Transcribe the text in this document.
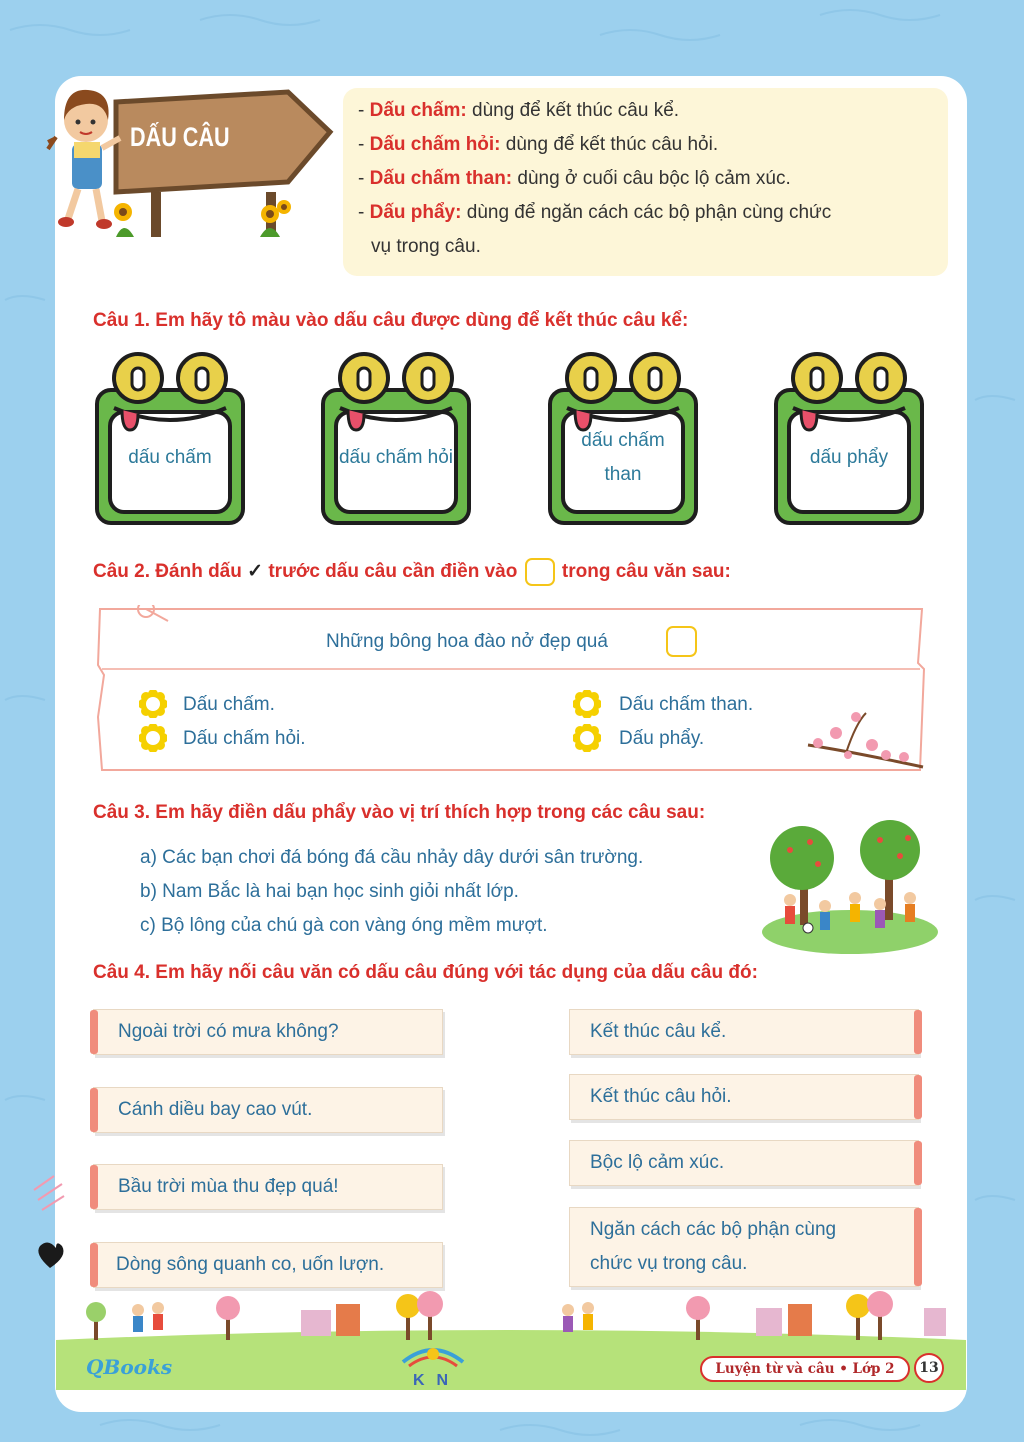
DẤU CÂU
- Dấu chấm: dùng để kết thúc câu kể.
- Dấu chấm hỏi: dùng để kết thúc câu hỏi.
- Dấu chấm than: dùng ở cuối câu bộc lộ cảm xúc.
- Dấu phẩy: dùng để ngăn cách các bộ phận cùng chức
vụ trong câu.
Câu 1. Em hãy tô màu vào dấu câu được dùng để kết thúc câu kể:
dấu chấm	dấu chấm hỏi
dấu chấm than
dấu phẩy
Câu 2. Đánh dấu ✓ trước dấu câu cần điền vào trong câu văn sau:
Những bông hoa đào nở đẹp quá
Dấu chấm.
Dấu chấm hỏi.
Dấu chấm than.
Dấu phẩy.
Câu 3. Em hãy điền dấu phẩy vào vị trí thích hợp trong các câu sau:
a) Các bạn chơi đá bóng đá cầu nhảy dây dưới sân trường.
b) Nam Bắc là hai bạn học sinh giỏi nhất lớp.
c) Bộ lông của chú gà con vàng óng mềm mượt.
Câu 4. Em hãy nối câu văn có dấu câu đúng với tác dụng của dấu câu đó:
Ngoài trời có mưa không?
Cánh diều bay cao vút.
Bầu trời mùa thu đẹp quá!
Dòng sông quanh co, uốn lượn.
Kết thúc câu kể.
Kết thúc câu hỏi.
Bộc lộ cảm xúc.
Ngăn cách các bộ phận cùng
chức vụ trong câu.
QBooks
KN
Luyện từ và câu • Lớp 2	13
